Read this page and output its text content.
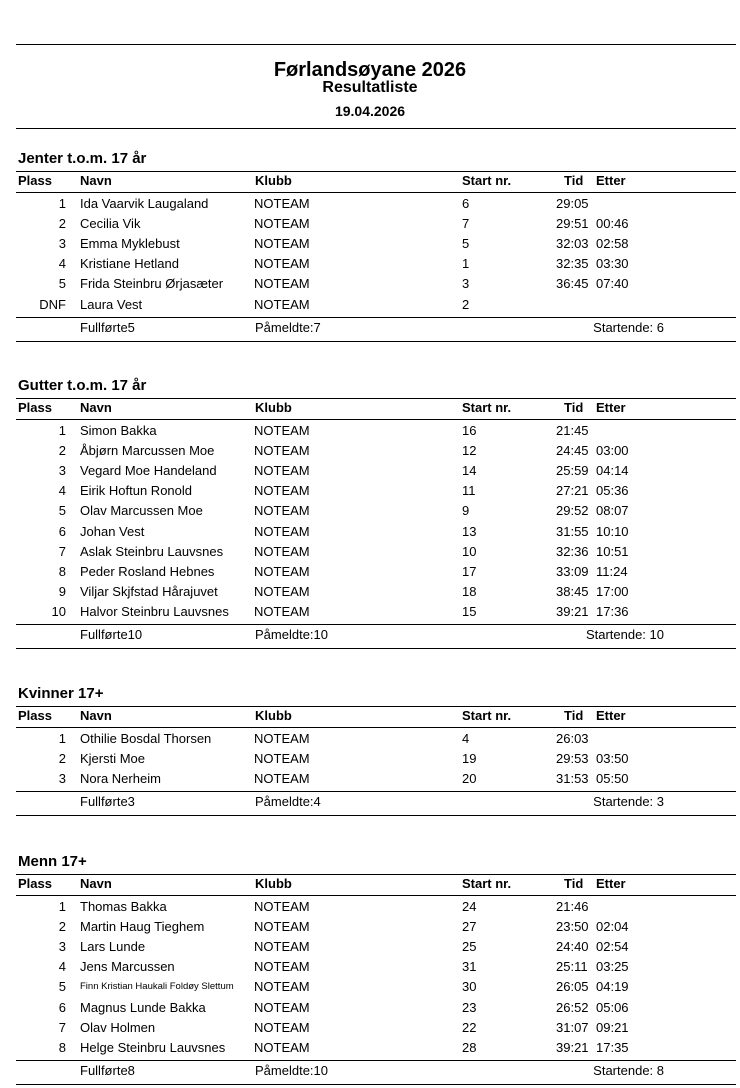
Førlandsøyane 2026
Resultatliste
19.04.2026
Jenter t.o.m. 17 år
Plass Navn	Klubb	Start nr.	Tid Etter
1 Ida Vaarvik Laugaland	NOTEAM	6	29:05
2 Cecilia Vik	NOTEAM	7	29:51 00:46
3 Emma Myklebust	NOTEAM	5	32:03 02:58
4 Kristiane Hetland	NOTEAM	1	32:35 03:30
5 Frida Steinbru Ørjasæter NOTEAM	3	36:45 07:40
DNF Laura Vest	NOTEAM	2
Fullførte5	Påmeldte:7	Startende: 6
Gutter t.o.m. 17 år
Plass Navn	Klubb	Start nr.	Tid Etter
1 Simon Bakka	NOTEAM	16	21:45
2 Åbjørn Marcussen Moe	NOTEAM	12	24:45 03:00
3 Vegard Moe Handeland	NOTEAM	14	25:59 04:14
4 Eirik Hoftun Ronold	NOTEAM	11	27:21 05:36
5 Olav Marcussen Moe	NOTEAM	9	29:52 08:07
6 Johan Vest	NOTEAM	13	31:55 10:10
7 Aslak Steinbru Lauvsnes NOTEAM	10	32:36 10:51
8 Peder Rosland Hebnes	NOTEAM	17	33:09 11:24
9 Viljar Skjfstad Hårajuvet	NOTEAM	18	38:45 17:00
10 Halvor Steinbru Lauvsnes NOTEAM	15	39:21 17:36
Fullførte10	Påmeldte:10	Startende: 10
Kvinner 17+
Plass Navn	Klubb	Start nr.	Tid Etter
1 Othilie Bosdal Thorsen	NOTEAM	4	26:03
2 Kjersti Moe	NOTEAM	19	29:53 03:50
3 Nora Nerheim	NOTEAM	20	31:53 05:50
Fullførte3	Påmeldte:4	Startende: 3
Menn 17+
Plass Navn	Klubb	Start nr.	Tid Etter
1 Thomas Bakka	NOTEAM	24	21:46
2 Martin Haug Tieghem	NOTEAM	27	23:50 02:04
3 Lars Lunde	NOTEAM	25	24:40 02:54
4 Jens Marcussen	NOTEAM	31	25:11 03:25
5 Finn Kristian Haukali Foldøy Slettum NOTEAM	30	26:05 04:19
6 Magnus Lunde Bakka	NOTEAM	23	26:52 05:06
7 Olav Holmen	NOTEAM	22	31:07 09:21
8 Helge Steinbru Lauvsnes NOTEAM	28	39:21 17:35
Fullførte8	Påmeldte:10	Startende: 8
